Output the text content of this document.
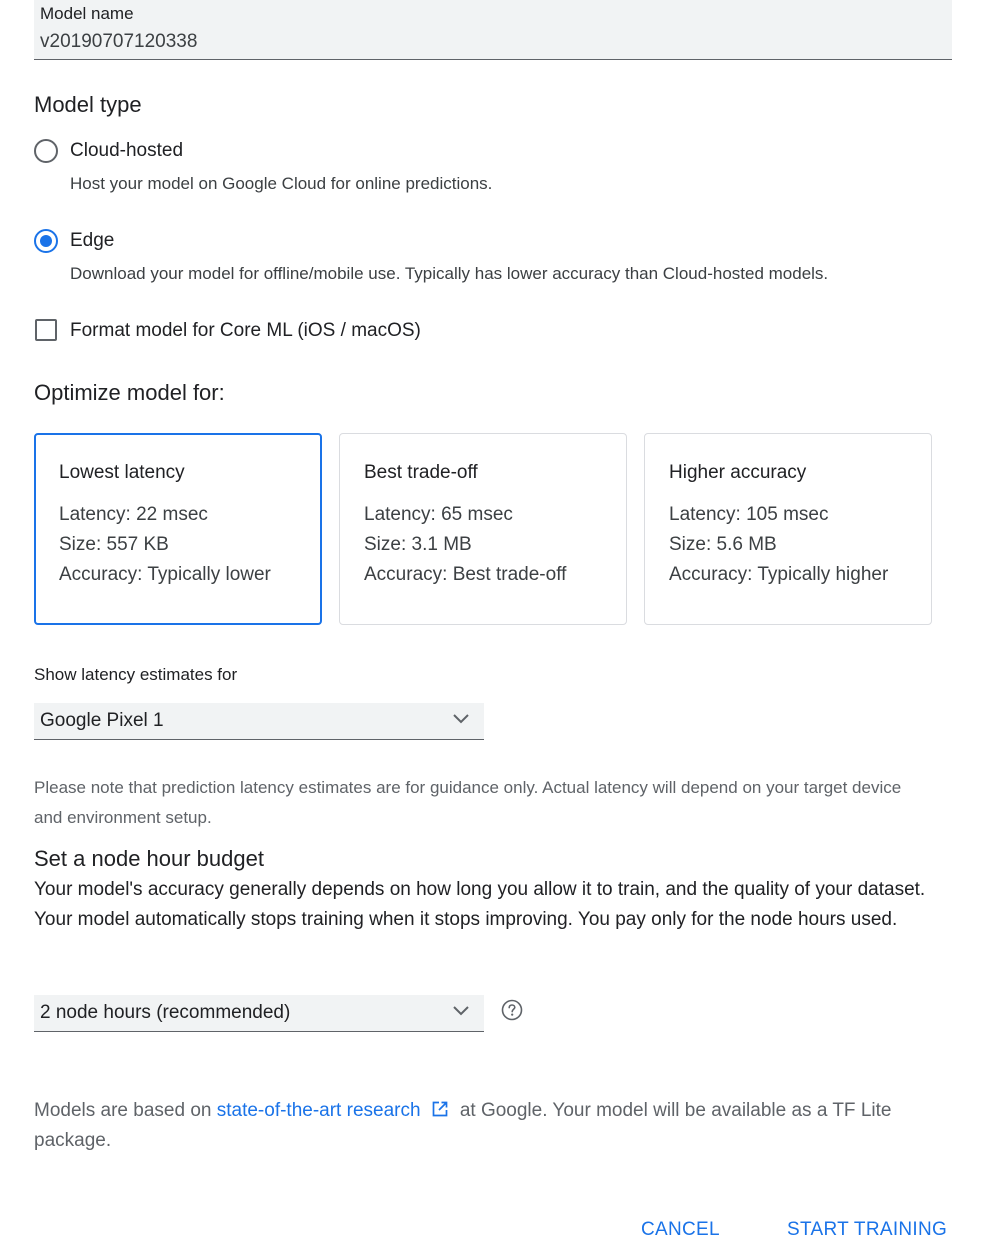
Model name
v20190707120338
Model type
Cloud-hosted
Host your model on Google Cloud for online predictions.
Edge
Download your model for offline/mobile use. Typically has lower accuracy than Cloud-hosted models.
Format model for Core ML (iOS / macOS)
Optimize model for:
Lowest latency
Latency: 22 msec
Size: 557 KB
Accuracy: Typically lower
Best trade-off
Latency: 65 msec
Size: 3.1 MB
Accuracy: Best trade-off
Higher accuracy
Latency: 105 msec
Size: 5.6 MB
Accuracy: Typically higher
Show latency estimates for
Google Pixel 1
Please note that prediction latency estimates are for guidance only. Actual latency will depend on your target device and environment setup.
Set a node hour budget
Your model's accuracy generally depends on how long you allow it to train, and the quality of your dataset. Your model automatically stops training when it stops improving. You pay only for the node hours used.
2 node hours (recommended)
Models are based on state-of-the-art research at Google. Your model will be available as a TF Lite package.
CANCEL	START TRAINING
